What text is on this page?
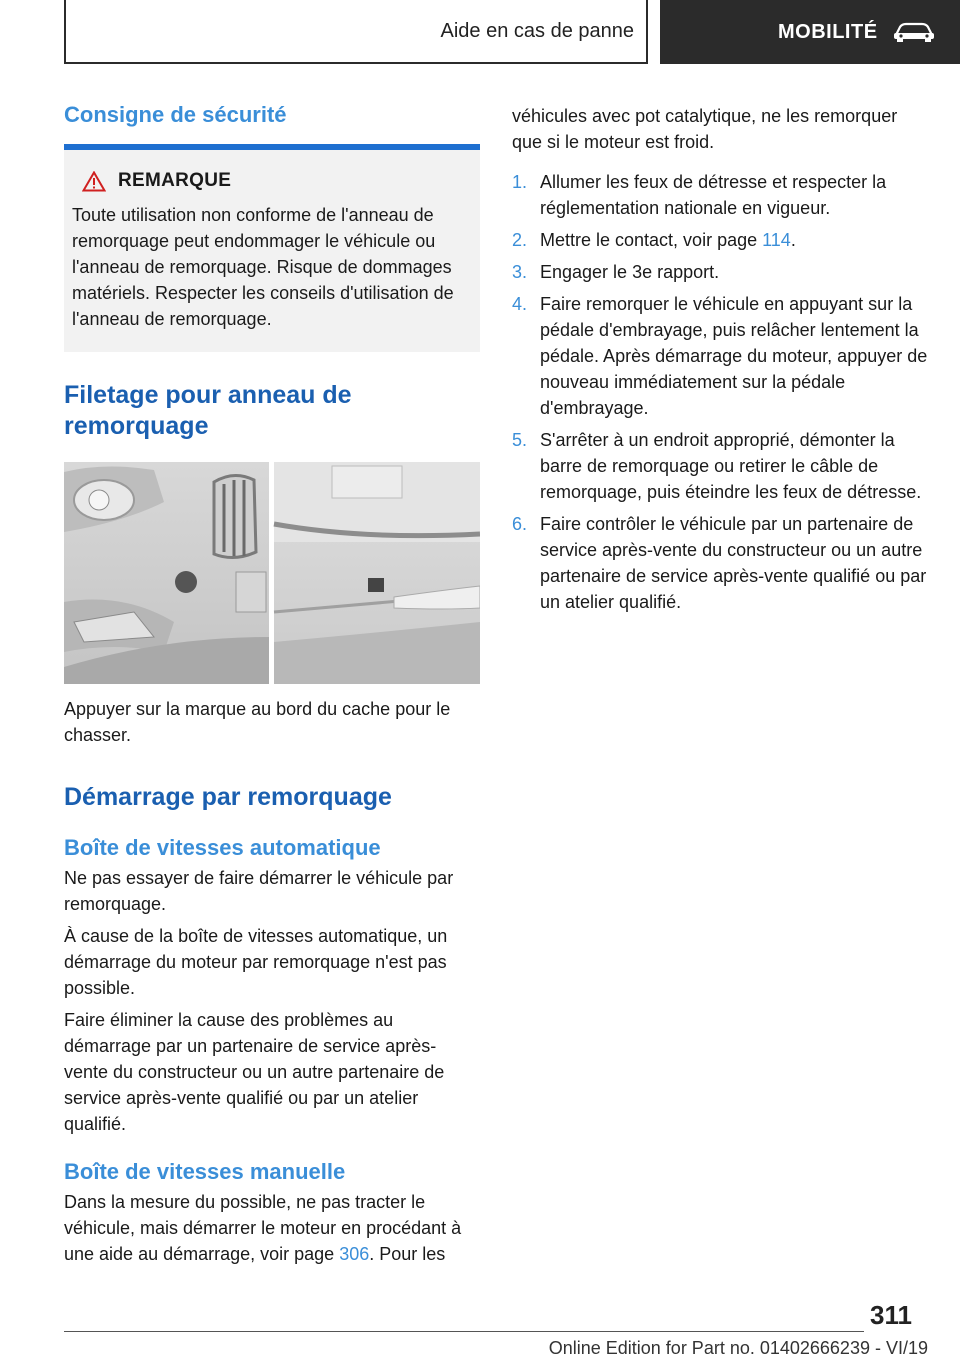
Aide en cas de panne	MOBILITÉ
Consigne de sécurité
REMARQUE

Toute utilisation non conforme de l'anneau de remorquage peut endommager le véhicule ou l'anneau de remorquage. Risque de dommages matériels. Respecter les conseils d'utilisation de l'anneau de remorquage.

Filetage pour anneau de remorquage

Appuyer sur la marque au bord du cache pour le chasser.

Démarrage par remorquage
Boîte de vitesses automatique

Ne pas essayer de faire démarrer le véhicule par remorquage.

À cause de la boîte de vitesses automatique, un démarrage du moteur par remorquage n'est pas possible.

Faire éliminer la cause des problèmes au démarrage par un partenaire de service après-vente du constructeur ou un autre partenaire de service après-vente qualifié ou par un atelier qualifié.

Boîte de vitesses manuelle

Dans la mesure du possible, ne pas tracter le véhicule, mais démarrer le moteur en procédant à une aide au démarrage, voir page 306. Pour les

véhicules avec pot catalytique, ne les remorquer que si le moteur est froid.

1. Allumer les feux de détresse et respecter la réglementation nationale en vigueur.
2. Mettre le contact, voir page 114.
3. Engager le 3e rapport.
4. Faire remorquer le véhicule en appuyant sur la pédale d'embrayage, puis relâcher lentement la pédale. Après démarrage du moteur, appuyer de nouveau immédiatement sur la pédale d'embrayage.
5. S'arrêter à un endroit approprié, démonter la barre de remorquage ou retirer le câble de remorquage, puis éteindre les feux de détresse.
6. Faire contrôler le véhicule par un partenaire de service après-vente du constructeur ou un autre partenaire de service après-vente qualifié ou par un atelier qualifié.
311
Online Edition for Part no. 01402666239 - VI/19
